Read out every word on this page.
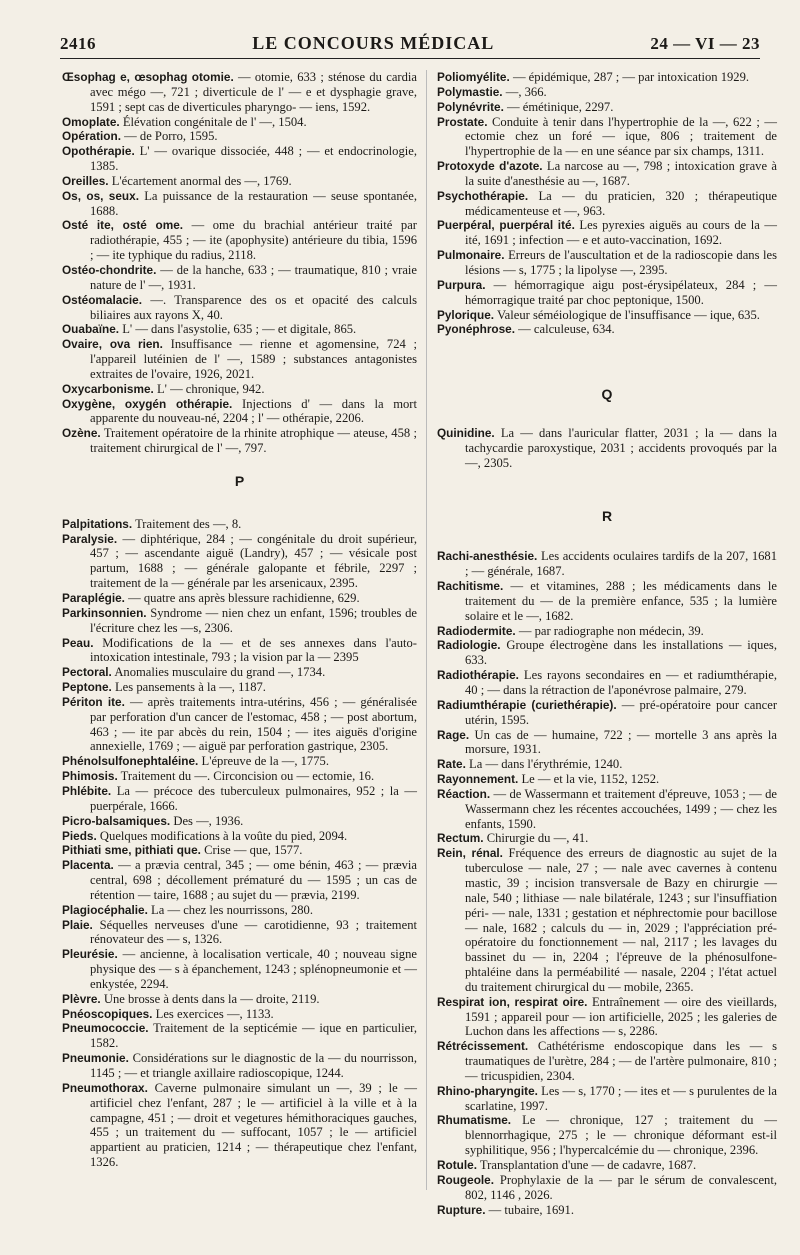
2416	LE CONCOURS MÉDICAL	24 — VI — 23

Œsophag e, œsophag otomie. — otomie, 633 ; sténose du cardia avec mégo —, 721 ; diverticule de l' — e et dysphagie grave, 1591 ; sept cas de diverticules pharyngo- — iens, 1592.

Omoplate. Élévation congénitale de l' —, 1504.

Opération. — de Porro, 1595.

Opothérapie. L' — ovarique dissociée, 448 ; — et endocrinologie, 1385.

Oreilles. L'écartement anormal des —, 1769.

Os, os, seux. La puissance de la restauration — seuse spontanée, 1688.

Osté ite, osté ome. — ome du brachial antérieur traité par radiothérapie, 455 ; — ite (apophysite) antérieure du tibia, 1596 ; — ite typhique du radius, 2118.

Ostéo-chondrite. — de la hanche, 633 ; — traumatique, 810 ; vraie nature de l' —, 1931.

Ostéomalacie. —. Transparence des os et opacité des calculs biliaires aux rayons X, 40.

Ouabaïne. L' — dans l'asystolie, 635 ; — et digitale, 865.

Ovaire, ova rien. Insuffisance — rienne et agomensine, 724 ; l'appareil lutéinien de l' —, 1589 ; substances antagonistes extraites de l'ovaire, 1926, 2021.

Oxycarbonisme. L' — chronique, 942.

Oxygène, oxygén othérapie. Injections d' — dans la mort apparente du nouveau-né, 2204 ; l' — othérapie, 2206.

Ozène. Traitement opératoire de la rhinite atrophique — ateuse, 458 ; traitement chirurgical de l' —, 797.

P

Palpitations. Traitement des —, 8.

Paralysie. — diphtérique, 284 ; — congénitale du droit supérieur, 457 ; — ascendante aiguë (Landry), 457 ; — vésicale post partum, 1688 ; — générale galopante et fébrile, 2297 ; traitement de la — générale par les arsenicaux, 2395.

Paraplégie. — quatre ans après blessure rachidienne, 629.

Parkinsonnien. Syndrome — nien chez un enfant, 1596; troubles de l'écriture chez les —s, 2306.

Peau. Modifications de la — et de ses annexes dans l'auto-intoxication intestinale, 793 ; la vision par la — 2395

Pectoral. Anomalies musculaire du grand —, 1734.

Peptone. Les pansements à la —, 1187.

Périton ite. — après traitements intra-utérins, 456 ; — généralisée par perforation d'un cancer de l'estomac, 458 ; — post abortum, 463 ; — ite par abcès du rein, 1504 ; — ites aiguës d'origine annexielle, 1769 ; — aiguë par perforation gastrique, 2305.

Phénolsulfonephtaléine. L'épreuve de la —, 1775.

Phimosis. Traitement du —. Circoncision ou — ectomie, 16.

Phlébite. La — précoce des tuberculeux pulmonaires, 952 ; la — puerpérale, 1666.

Picro-balsamiques. Des —, 1936.

Pieds. Quelques modifications à la voûte du pied, 2094.

Pithiati sme, pithiati que. Crise — que, 1577.

Placenta. — a prævia central, 345 ; — ome bénin, 463 ; — prævia central, 698 ; décollement prématuré du — 1595 ; un cas de rétention — taire, 1688 ; au sujet du — prævia, 2199.

Plagiocéphalie. La — chez les nourrissons, 280.

Plaie. Séquelles nerveuses d'une — carotidienne, 93 ; traitement rénovateur des — s, 1326.

Pleurésie. — ancienne, à localisation verticale, 40 ; nouveau signe physique des — s à épanchement, 1243 ; splénopneumonie et — enkystée, 2294.

Plèvre. Une brosse à dents dans la — droite, 2119.

Pnéoscopiques. Les exercices —, 1133.

Pneumococcie. Traitement de la septicémie — ique en particulier, 1582.

Pneumonie. Considérations sur le diagnostic de la — du nourrisson, 1145 ; — et triangle axillaire radioscopique, 1244.

Pneumothorax. Caverne pulmonaire simulant un —, 39 ; le — artificiel chez l'enfant, 287 ; le — artificiel à la ville et à la campagne, 451 ; — droit et vegetures hémithoraciques gauches, 455 ; un traitement du — suffocant, 1057 ; le — artificiel appartient au praticien, 1214 ; — thérapeutique chez l'enfant, 1326.

Poliomyélite. — épidémique, 287 ; — par intoxication 1929.

Polymastie. —, 366.

Polynévrite. — émétinique, 2297.

Prostate. Conduite à tenir dans l'hypertrophie de la —, 622 ; — ectomie chez un foré — ique, 806 ; traitement de l'hypertrophie de la — en une séance par six champs, 1311.

Protoxyde d'azote. La narcose au —, 798 ; intoxication grave à la suite d'anesthésie au —, 1687.

Psychothérapie. La — du praticien, 320 ; thérapeutique médicamenteuse et —, 963.

Puerpéral, puerpéral ité. Les pyrexies aiguës au cours de la — ité, 1691 ; infection — e et auto-vaccination, 1692.

Pulmonaire. Erreurs de l'auscultation et de la radioscopie dans les lésions — s, 1775 ; la lipolyse —, 2395.

Purpura. — hémorragique aigu post-érysipélateux, 284 ; — hémorragique traité par choc peptonique, 1500.

Pylorique. Valeur séméiologique de l'insuffisance — ique, 635.

Pyonéphrose. — calculeuse, 634.

Q

Quinidine. La — dans l'auricular flatter, 2031 ; la — dans la tachycardie paroxystique, 2031 ; accidents provoqués par la —, 2305.

R

Rachi-anesthésie. Les accidents oculaires tardifs de la 207, 1681 ; — générale, 1687.

Rachitisme. — et vitamines, 288 ; les médicaments dans le traitement du — de la première enfance, 535 ; la lumière solaire et le —, 1682.

Radiodermite. — par radiographe non médecin, 39.

Radiologie. Groupe électrogène dans les installations — iques, 633.

Radiothérapie. Les rayons secondaires en — et radiumthérapie, 40 ; — dans la rétraction de l'aponévrose palmaire, 279.

Radiumthérapie (curiethérapie). — pré-opératoire pour cancer utérin, 1595.

Rage. Un cas de — humaine, 722 ; — mortelle 3 ans après la morsure, 1931.

Rate. La — dans l'érythrémie, 1240.

Rayonnement. Le — et la vie, 1152, 1252.

Réaction. — de Wassermann et traitement d'épreuve, 1053 ; — de Wassermann chez les récentes accouchées, 1499 ; — chez les enfants, 1590.

Rectum. Chirurgie du —, 41.

Rein, rénal. Fréquence des erreurs de diagnostic au sujet de la tuberculose — nale, 27 ; — nale avec cavernes à contenu mastic, 39 ; incision transversale de Bazy en chirurgie — nale, 540 ; lithiase — nale bilatérale, 1243 ; sur l'insuffiation péri- — nale, 1331 ; gestation et néphrectomie pour bacillose — nale, 1682 ; calculs du — in, 2029 ; l'appréciation pré-opératoire du fonctionnement — nal, 2117 ; les lavages du bassinet du — in, 2204 ; l'épreuve de la phénosulfone-phtaléine dans la perméabilité — nasale, 2204 ; l'état actuel du traitement chirurgical du — mobile, 2365.

Respirat ion, respirat oire. Entraînement — oire des vieillards, 1591 ; appareil pour — ion artificielle, 2025 ; les galeries de Luchon dans les affections — s, 2286.

Rétrécissement. Cathétérisme endoscopique dans les — s traumatiques de l'urètre, 284 ; — de l'artère pulmonaire, 810 ; — tricuspidien, 2304.

Rhino-pharyngite. Les — s, 1770 ; — ites et — s purulentes de la scarlatine, 1997.

Rhumatisme. Le — chronique, 127 ; traitement du — blennorrhagique, 275 ; le — chronique déformant est-il syphilitique, 956 ; l'hypercalcémie du — chronique, 2396.

Rotule. Transplantation d'une — de cadavre, 1687.

Rougeole. Prophylaxie de la — par le sérum de convalescent, 802, 1146 , 2026.

Rupture. — tubaire, 1691.
